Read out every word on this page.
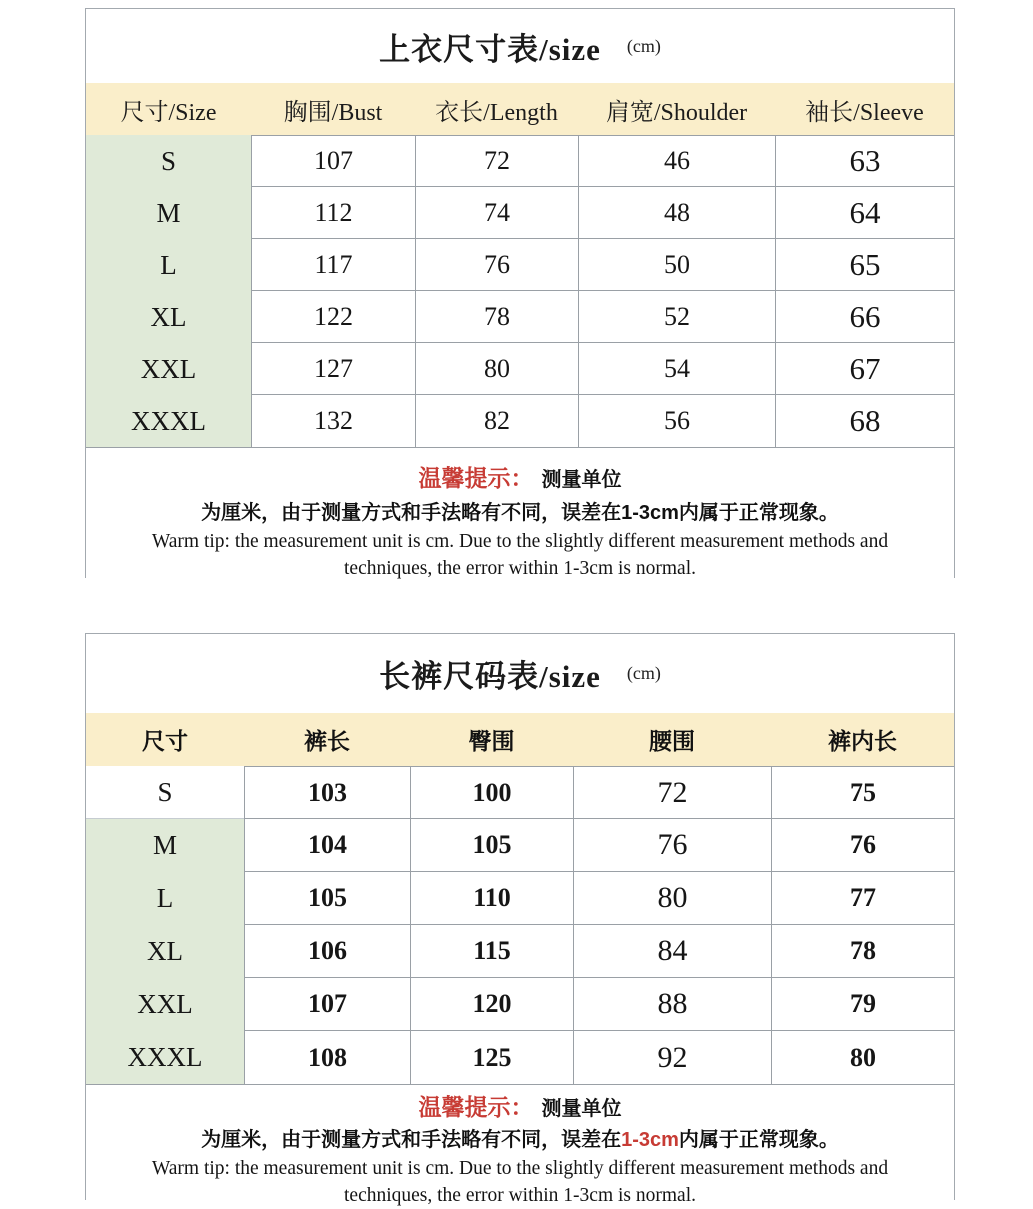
上衣尺寸表/size (cm)
尺寸/Size	胸围/Bust	衣长/Length	肩宽/Shoulder	袖长/Sleeve
S	107	72	46	63
M	112	74	48	64
L	117	76	50	65
XL	122	78	52	66
XXL	127	80	54	67
XXXL	132	82	56	68
温馨提示： 测量单位
为厘米，由于测量方式和手法略有不同，误差在1-3cm内属于正常现象。
Warm tip: the measurement unit is cm. Due to the slightly different measurement methods and
techniques, the error within 1-3cm is normal.
长裤尺码表/size (cm)
尺寸	裤长	臀围	腰围	裤内长
S	103	100	72	75
M	104	105	76	76
L	105	110	80	77
XL	106	115	84	78
XXL	107	120	88	79
XXXL	108	125	92	80
温馨提示： 测量单位
为厘米，由于测量方式和手法略有不同，误差在1-3cm内属于正常现象。
Warm tip: the measurement unit is cm. Due to the slightly different measurement methods and
techniques, the error within 1-3cm is normal.
